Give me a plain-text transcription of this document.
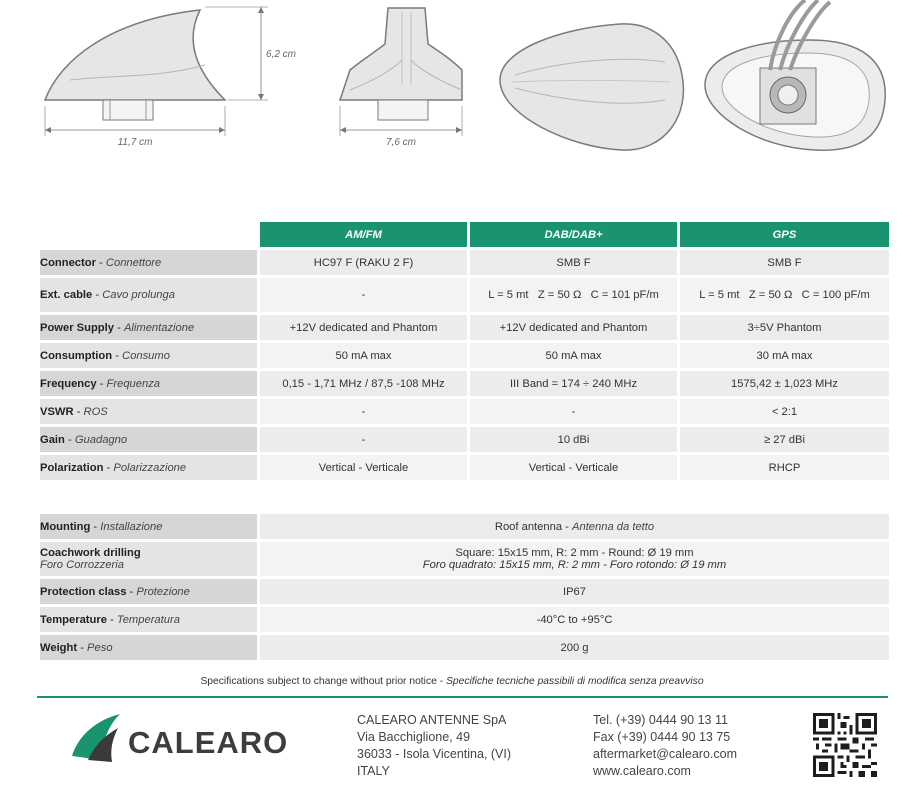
11,7 cm
6,2 cm
7,6 cm
	AM/FM	DAB/DAB+	GPS
Connector - Connettore	HC97 F (RAKU 2 F)	SMB F	SMB F
Ext. cable - Cavo prolunga	-	L = 5 mt   Z = 50 Ω   C = 101 pF/m	L = 5 mt   Z = 50 Ω   C = 100 pF/m
Power Supply - Alimentazione	+12V dedicated and Phantom	+12V dedicated and Phantom	3÷5V Phantom
Consumption - Consumo	50 mA max	50 mA max	30 mA max
Frequency - Frequenza	0,15 - 1,71 MHz / 87,5 -108 MHz	III Band = 174 ÷ 240 MHz	1575,42 ± 1,023 MHz
VSWR - ROS	-	-	< 2:1
Gain - Guadagno	-	10 dBi	≥ 27 dBi
Polarization - Polarizzazione	Vertical - Verticale	Vertical - Verticale	RHCP
Mounting - Installazione	Roof antenna - Antenna da tetto
Coachwork drilling
Foro Corrozzeria	Square: 15x15 mm, R: 2 mm - Round: Ø 19 mm
Foro quadrato: 15x15 mm, R: 2 mm - Foro rotondo: Ø 19 mm

Protection class - Protezione	IP67
Temperature - Temperatura	-40°C to +95°C
Weight - Peso	200 g
Specifications subject to change without prior notice - Specifiche tecniche passibili di modifica senza preavviso
CALEARO
CALEARO ANTENNE SpA
Via Bacchiglione, 49
36033 - Isola Vicentina, (VI)
ITALY
Tel. (+39) 0444 90 13 11
Fax (+39) 0444 90 13 75
aftermarket@calearo.com
www.calearo.com
